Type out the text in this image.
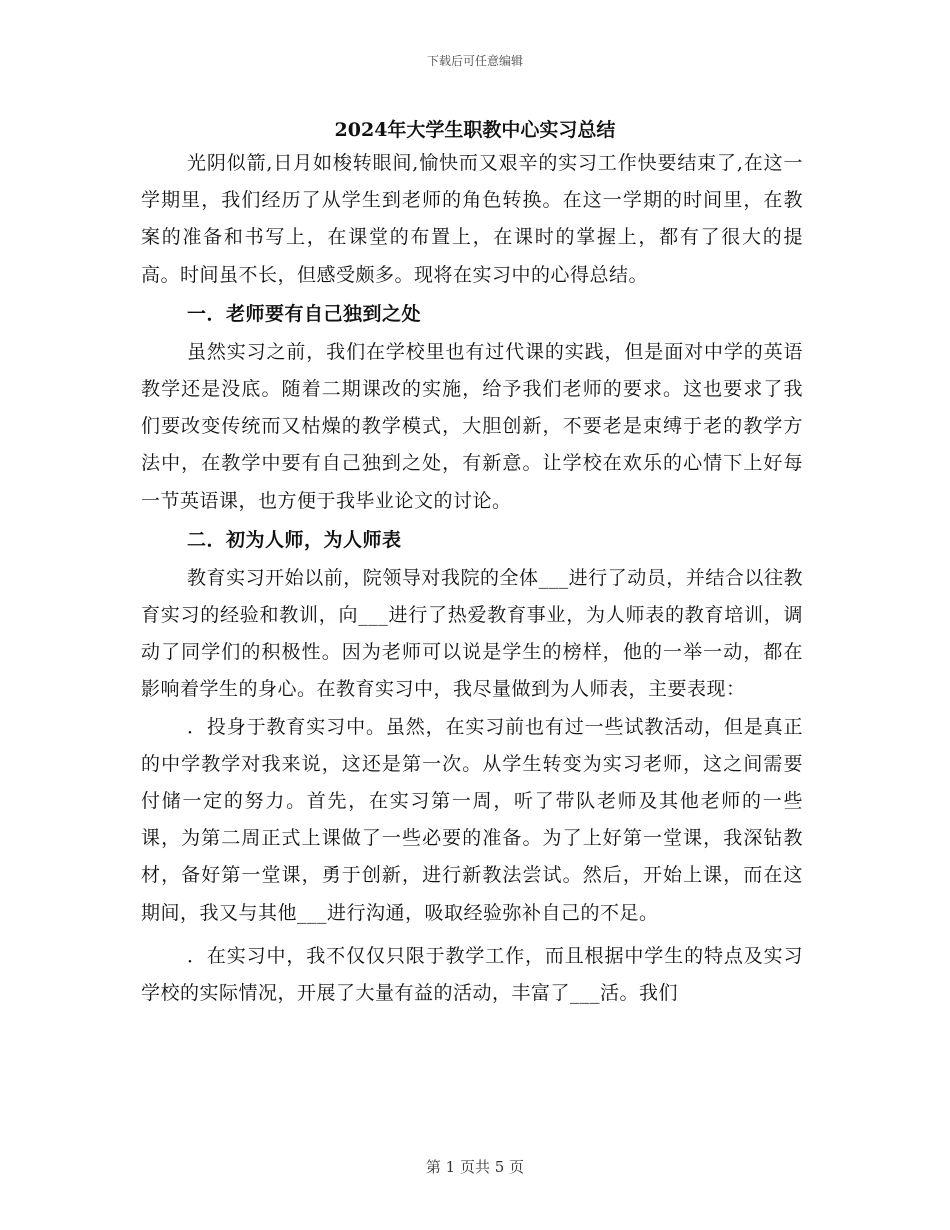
下载后可任意编辑
2024年大学生职教中心实习总结

光阴似箭,日月如梭转眼间,愉快而又艰辛的实习工作快要结束了,在这一学期里，我们经历了从学生到老师的角色转换。在这一学期的时间里，在教案的准备和书写上，在课堂的布置上，在课时的掌握上，都有了很大的提高。时间虽不长，但感受颇多。现将在实习中的心得总结。

一．老师要有自己独到之处

虽然实习之前，我们在学校里也有过代课的实践，但是面对中学的英语教学还是没底。随着二期课改的实施，给予我们老师的要求。这也要求了我们要改变传统而又枯燥的教学模式，大胆创新，不要老是束缚于老的教学方法中，在教学中要有自己独到之处，有新意。让学校在欢乐的心情下上好每一节英语课，也方便于我毕业论文的讨论。

二．初为人师，为人师表

教育实习开始以前，院领导对我院的全体___进行了动员，并结合以往教育实习的经验和教训，向___进行了热爱教育事业，为人师表的教育培训，调动了同学们的积极性。因为老师可以说是学生的榜样，他的一举一动，都在影响着学生的身心。在教育实习中，我尽量做到为人师表，主要表现：

．投身于教育实习中。虽然，在实习前也有过一些试教活动，但是真正的中学教学对我来说，这还是第一次。从学生转变为实习老师，这之间需要付储一定的努力。首先，在实习第一周，听了带队老师及其他老师的一些课，为第二周正式上课做了一些必要的准备。为了上好第一堂课，我深钻教材，备好第一堂课，勇于创新，进行新教法尝试。然后，开始上课，而在这期间，我又与其他___进行沟通，吸取经验弥补自己的不足。

．在实习中，我不仅仅只限于教学工作，而且根据中学生的特点及实习学校的实际情况，开展了大量有益的活动，丰富了___活。我们

第 1 页共 5 页
